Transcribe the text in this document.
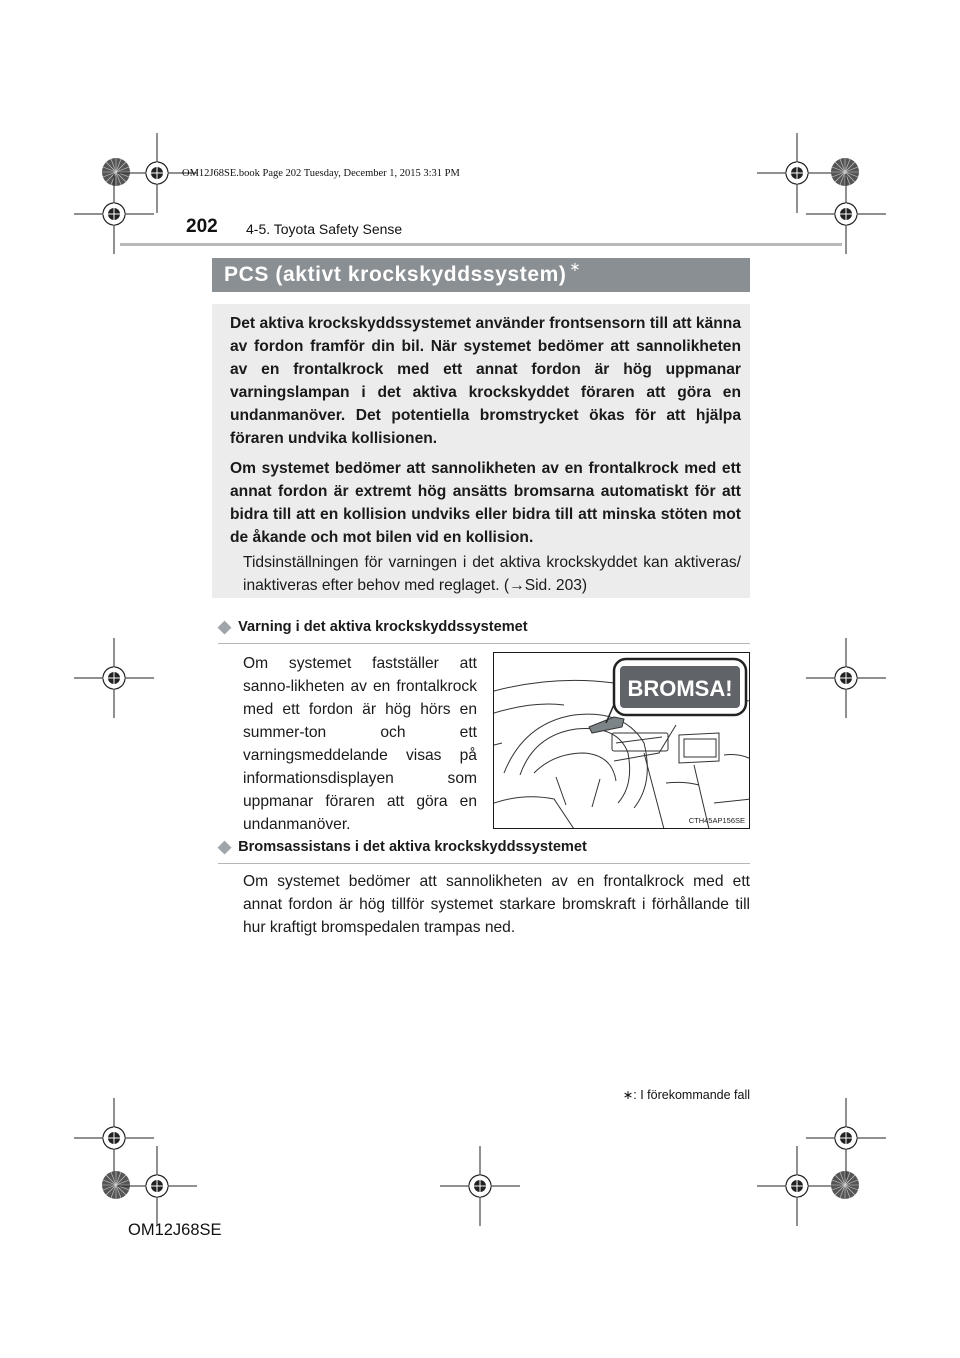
OM12J68SE.book Page 202 Tuesday, December 1, 2015 3:31 PM
202 4-5. Toyota Safety Sense
PCS (aktivt krockskyddssystem) ∗

Det aktiva krockskyddssystemet använder frontsensorn till att känna av fordon framför din bil. När systemet bedömer att sannolikheten av en frontalkrock med ett annat fordon är hög uppmanar varningslampan i det aktiva krockskyddet föraren att göra en undanmanöver. Det potentiella bromstrycket ökas för att hjälpa föraren undvika kollisionen.

Om systemet bedömer att sannolikheten av en frontalkrock med ett annat fordon är extremt hög ansätts bromsarna automatiskt för att bidra till att en kollision undviks eller bidra till att minska stöten mot de åkande och mot bilen vid en kollision.

Tidsinställningen för varningen i det aktiva krockskyddet kan aktiveras/ inaktiveras efter behov med reglaget. (→Sid. 203)

◆ Varning i det aktiva krockskyddssystemet
Om systemet fastställer att sanno-likheten av en frontalkrock med ett fordon är hög hörs en summer-ton och ett varningsmeddelande visas på informationsdisplayen som uppmanar föraren att göra en undanmanöver.
BROMSA!
CTH45AP156SE
◆ Bromsassistans i det aktiva krockskyddssystemet
Om systemet bedömer att sannolikheten av en frontalkrock med ett annat fordon är hög tillför systemet starkare bromskraft i förhållande till hur kraftigt bromspedalen trampas ned.
∗: I förekommande fall
OM12J68SE
